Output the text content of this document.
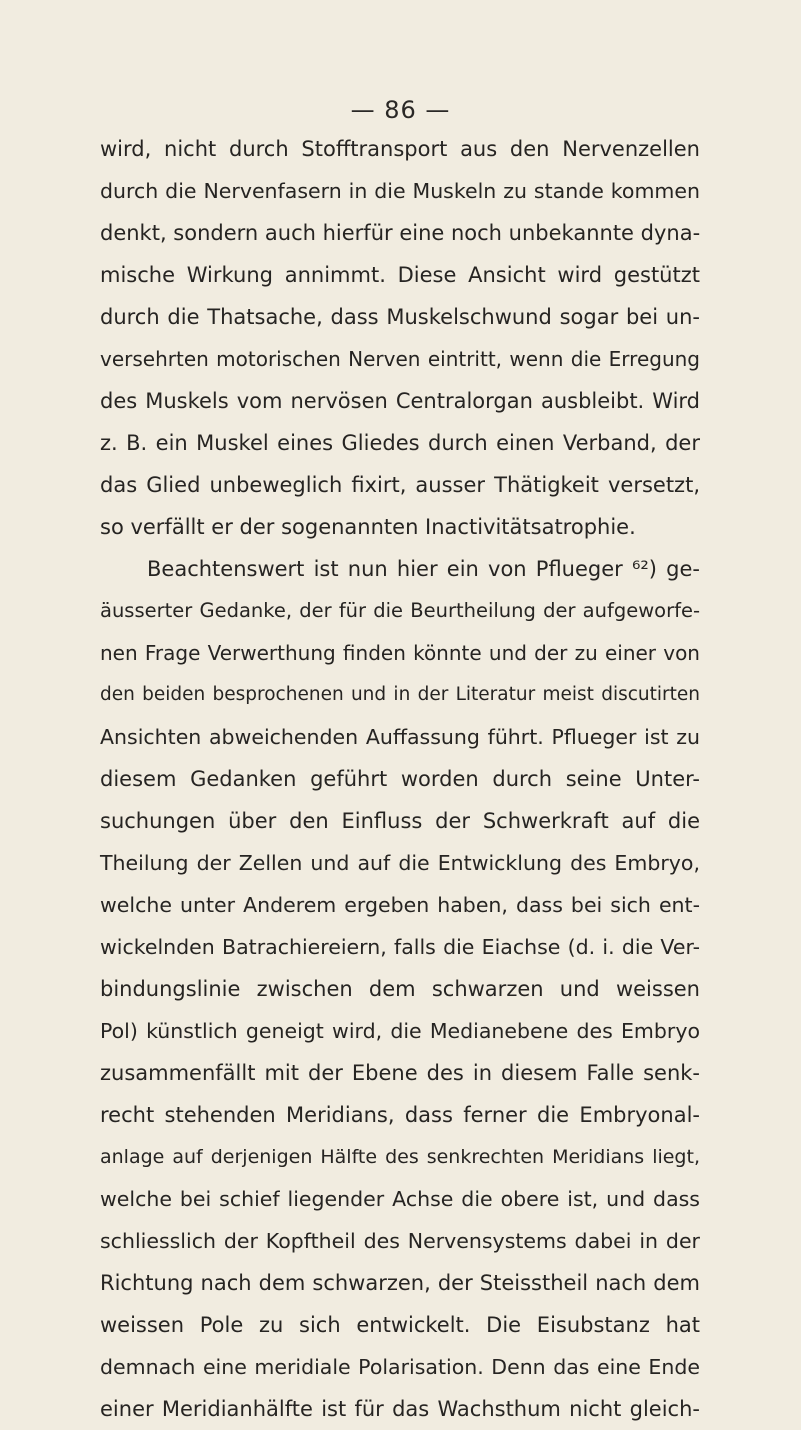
— 86 —
wird, nicht durch Stofftransport aus den Nervenzellen
durch die Nervenfasern in die Muskeln zu stande kommen
denkt, sondern auch hierfür eine noch unbekannte dyna-
mische Wirkung annimmt. Diese Ansicht wird gestützt
durch die Thatsache, dass Muskelschwund sogar bei un-
versehrten motorischen Nerven eintritt, wenn die Erregung
des Muskels vom nervösen Centralorgan ausbleibt. Wird
z. B. ein Muskel eines Gliedes durch einen Verband, der
das Glied unbeweglich fixirt, ausser Thätigkeit versetzt,
so verfällt er der sogenannten Inactivitätsatrophie.
Beachtenswert ist nun hier ein von Pflueger ⁶²) ge-
äusserter Gedanke, der für die Beurtheilung der aufgeworfe-
nen Frage Verwerthung finden könnte und der zu einer von
den beiden besprochenen und in der Literatur meist discutirten
Ansichten abweichenden Auffassung führt. Pflueger ist zu
diesem Gedanken geführt worden durch seine Unter-
suchungen über den Einfluss der Schwerkraft auf die
Theilung der Zellen und auf die Entwicklung des Embryo,
welche unter Anderem ergeben haben, dass bei sich ent-
wickelnden Batrachiereiern, falls die Eiachse (d. i. die Ver-
bindungslinie zwischen dem schwarzen und weissen
Pol) künstlich geneigt wird, die Medianebene des Embryo
zusammenfällt mit der Ebene des in diesem Falle senk-
recht stehenden Meridians, dass ferner die Embryonal-
anlage auf derjenigen Hälfte des senkrechten Meridians liegt,
welche bei schief liegender Achse die obere ist, und dass
schliesslich der Kopftheil des Nervensystems dabei in der
Richtung nach dem schwarzen, der Steisstheil nach dem
weissen Pole zu sich entwickelt. Die Eisubstanz hat
demnach eine meridiale Polarisation. Denn das eine Ende
einer Meridianhälfte ist für das Wachsthum nicht gleich-
